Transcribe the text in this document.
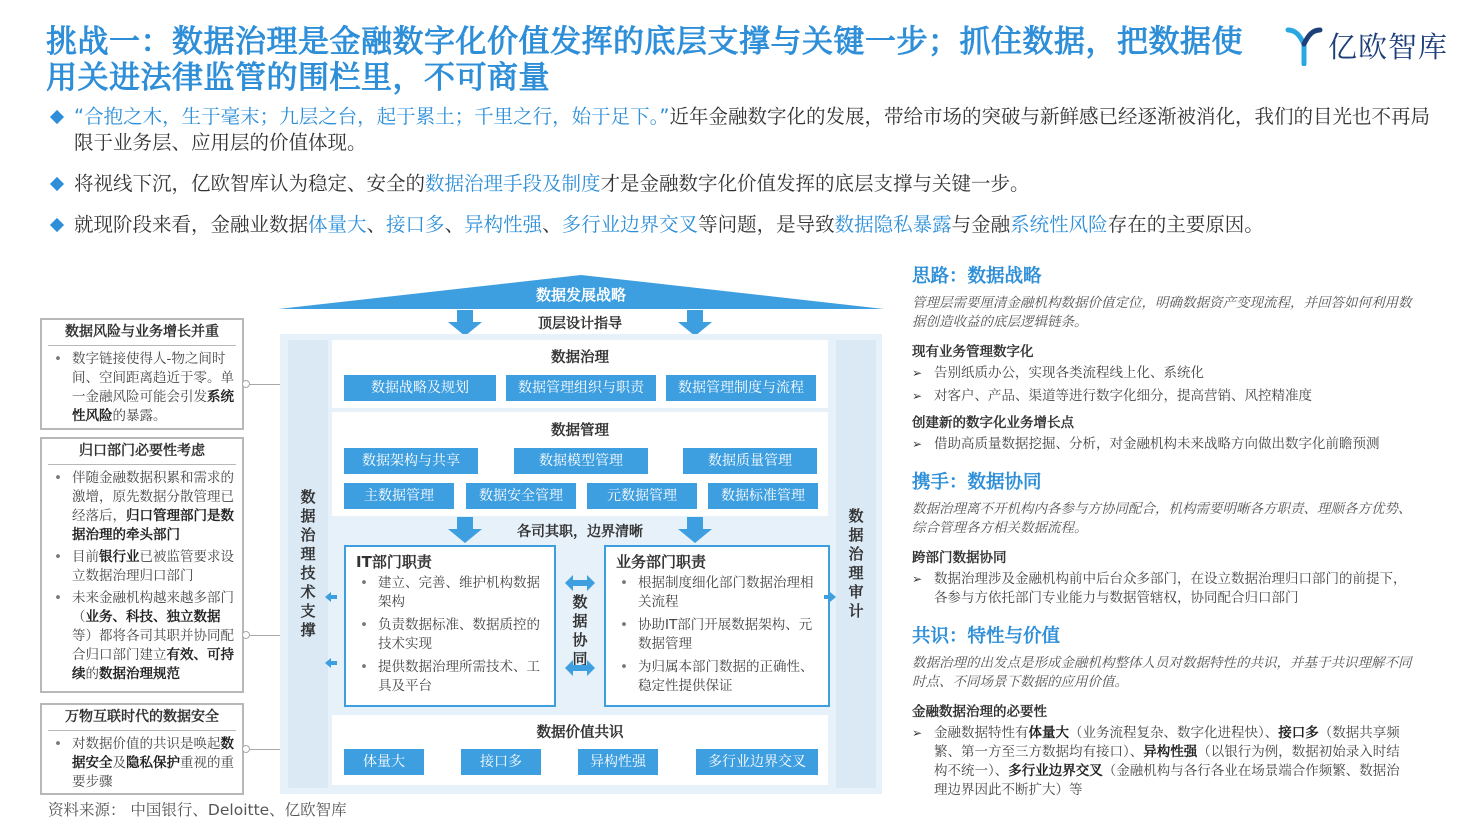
挑战一：数据治理是金融数字化价值发挥的底层支撑与关键一步；抓住数据，把数据使用关进法律监管的围栏里，不可商量
亿欧智库
“合抱之木，生于毫末；九层之台，起于累土；千里之行，始于足下。”近年金融数字化的发展，带给市场的突破与新鲜感已经逐渐被消化，我们的目光也不再局限于业务层、应用层的价值体现。
将视线下沉，亿欧智库认为稳定、安全的数据治理手段及制度才是金融数字化价值发挥的底层支撑与关键一步。
就现阶段来看，金融业数据体量大、接口多、异构性强、多行业边界交叉等问题，是导致数据隐私暴露与金融系统性风险存在的主要原因。
数据风险与业务增长并重
• 数字链接使得人-物之间时间、空间距离趋近于零。单一金融风险可能会引发系统性风险的暴露。
归口部门必要性考虑
• 伴随金融数据积累和需求的激增，原先数据分散管理已经落后，归口管理部门是数据治理的牵头部门
• 目前银行业已被监管要求设立数据治理归口部门
• 未来金融机构越来越多部门（业务、科技、独立数据等）都将各司其职并协同配合归口部门建立有效、可持续的数据治理规范
万物互联时代的数据安全
• 对数据价值的共识是唤起数据安全及隐私保护重视的重要步骤
数据发展战略
顶层设计指导
数据治理技术支撑
数据治理审计
数据治理
数据战略及规划	数据管理组织与职责	数据管理制度与流程
数据管理
数据架构与共享	数据模型管理	数据质量管理
主数据管理	数据安全管理	元数据管理	数据标准管理
各司其职，边界清晰
IT部门职责
• 建立、完善、维护机构数据架构
• 负责数据标准、数据质控的技术实现
• 提供数据治理所需技术、工具及平台
数据协同
业务部门职责
• 根据制度细化部门数据治理相关流程
• 协助IT部门开展数据架构、元数据管理
• 为归属本部门数据的正确性、稳定性提供保证
数据价值共识
体量大	接口多	异构性强	多行业边界交叉
思路：数据战略
管理层需要厘清金融机构数据价值定位，明确数据资产变现流程，并回答如何利用数据创造收益的底层逻辑链条。
现有业务管理数字化
➢ 告别纸质办公，实现各类流程线上化、系统化
➢ 对客户、产品、渠道等进行数字化细分，提高营销、风控精准度
创建新的数字化业务增长点
➢ 借助高质量数据挖掘、分析，对金融机构未来战略方向做出数字化前瞻预测
携手：数据协同
数据治理离不开机构内各参与方协同配合，机构需要明晰各方职责、理顺各方优势、综合管理各方相关数据流程。
跨部门数据协同
➢ 数据治理涉及金融机构前中后台众多部门，在设立数据治理归口部门的前提下，各参与方依托部门专业能力与数据管辖权，协同配合归口部门
共识：特性与价值
数据治理的出发点是形成金融机构整体人员对数据特性的共识，并基于共识理解不同时点、不同场景下数据的应用价值。
金融数据治理的必要性
➢ 金融数据特性有体量大（业务流程复杂、数字化进程快）、接口多（数据共享频繁、第一方至三方数据均有接口）、异构性强（以银行为例，数据初始录入时结构不统一）、多行业边界交叉（金融机构与各行各业在场景端合作频繁、数据治理边界因此不断扩大）等
资料来源： 中国银行、Deloitte、亿欧智库
